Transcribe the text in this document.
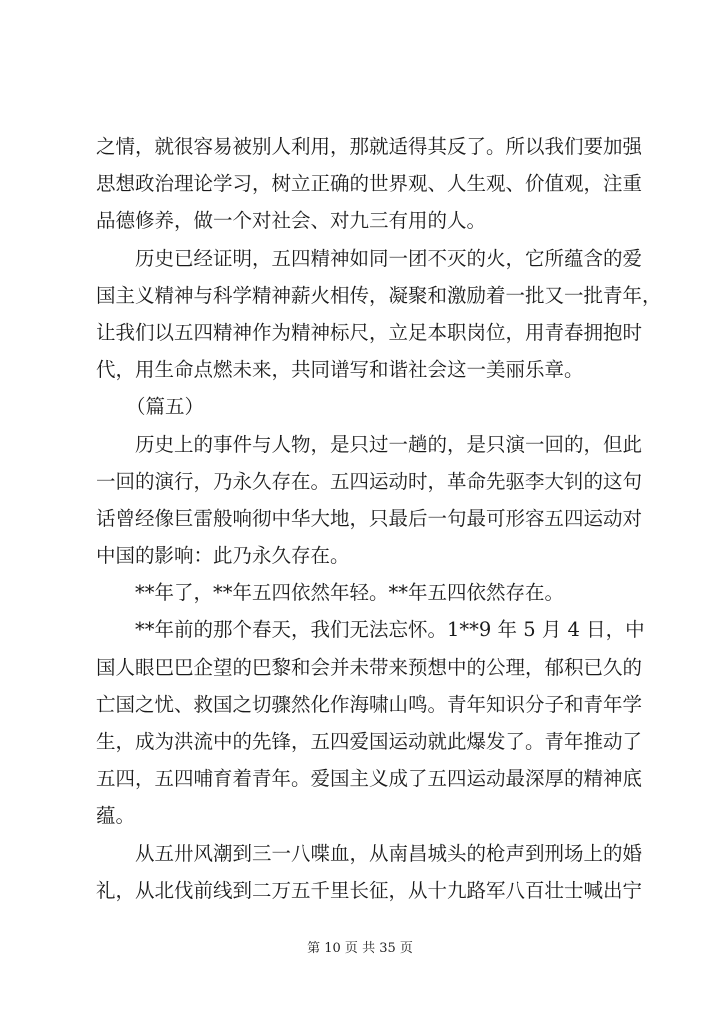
之情，就很容易被别人利用，那就适得其反了。所以我们要加强
思想政治理论学习，树立正确的世界观、人生观、价值观，注重
品德修养，做一个对社会、对九三有用的人。
历史已经证明，五四精神如同一团不灭的火，它所蕴含的爱
国主义精神与科学精神薪火相传，凝聚和激励着一批又一批青年，
让我们以五四精神作为精神标尺，立足本职岗位，用青春拥抱时
代，用生命点燃未来，共同谱写和谐社会这一美丽乐章。
（篇五）
历史上的事件与人物，是只过一趟的，是只演一回的，但此
一回的演行，乃永久存在。五四运动时，革命先驱李大钊的这句
话曾经像巨雷般响彻中华大地，只最后一句最可形容五四运动对
中国的影响：此乃永久存在。
**年了，**年五四依然年轻。**年五四依然存在。
**年前的那个春天，我们无法忘怀。1**9 年 5 月 4 日，中
国人眼巴巴企望的巴黎和会并未带来预想中的公理，郁积已久的
亡国之忧、救国之切骤然化作海啸山鸣。青年知识分子和青年学
生，成为洪流中的先锋，五四爱国运动就此爆发了。青年推动了
五四，五四哺育着青年。爱国主义成了五四运动最深厚的精神底
蕴。
从五卅风潮到三一八喋血，从南昌城头的枪声到刑场上的婚
礼，从北伐前线到二万五千里长征，从十九路军八百壮士喊出宁
第 10 页 共 35 页
